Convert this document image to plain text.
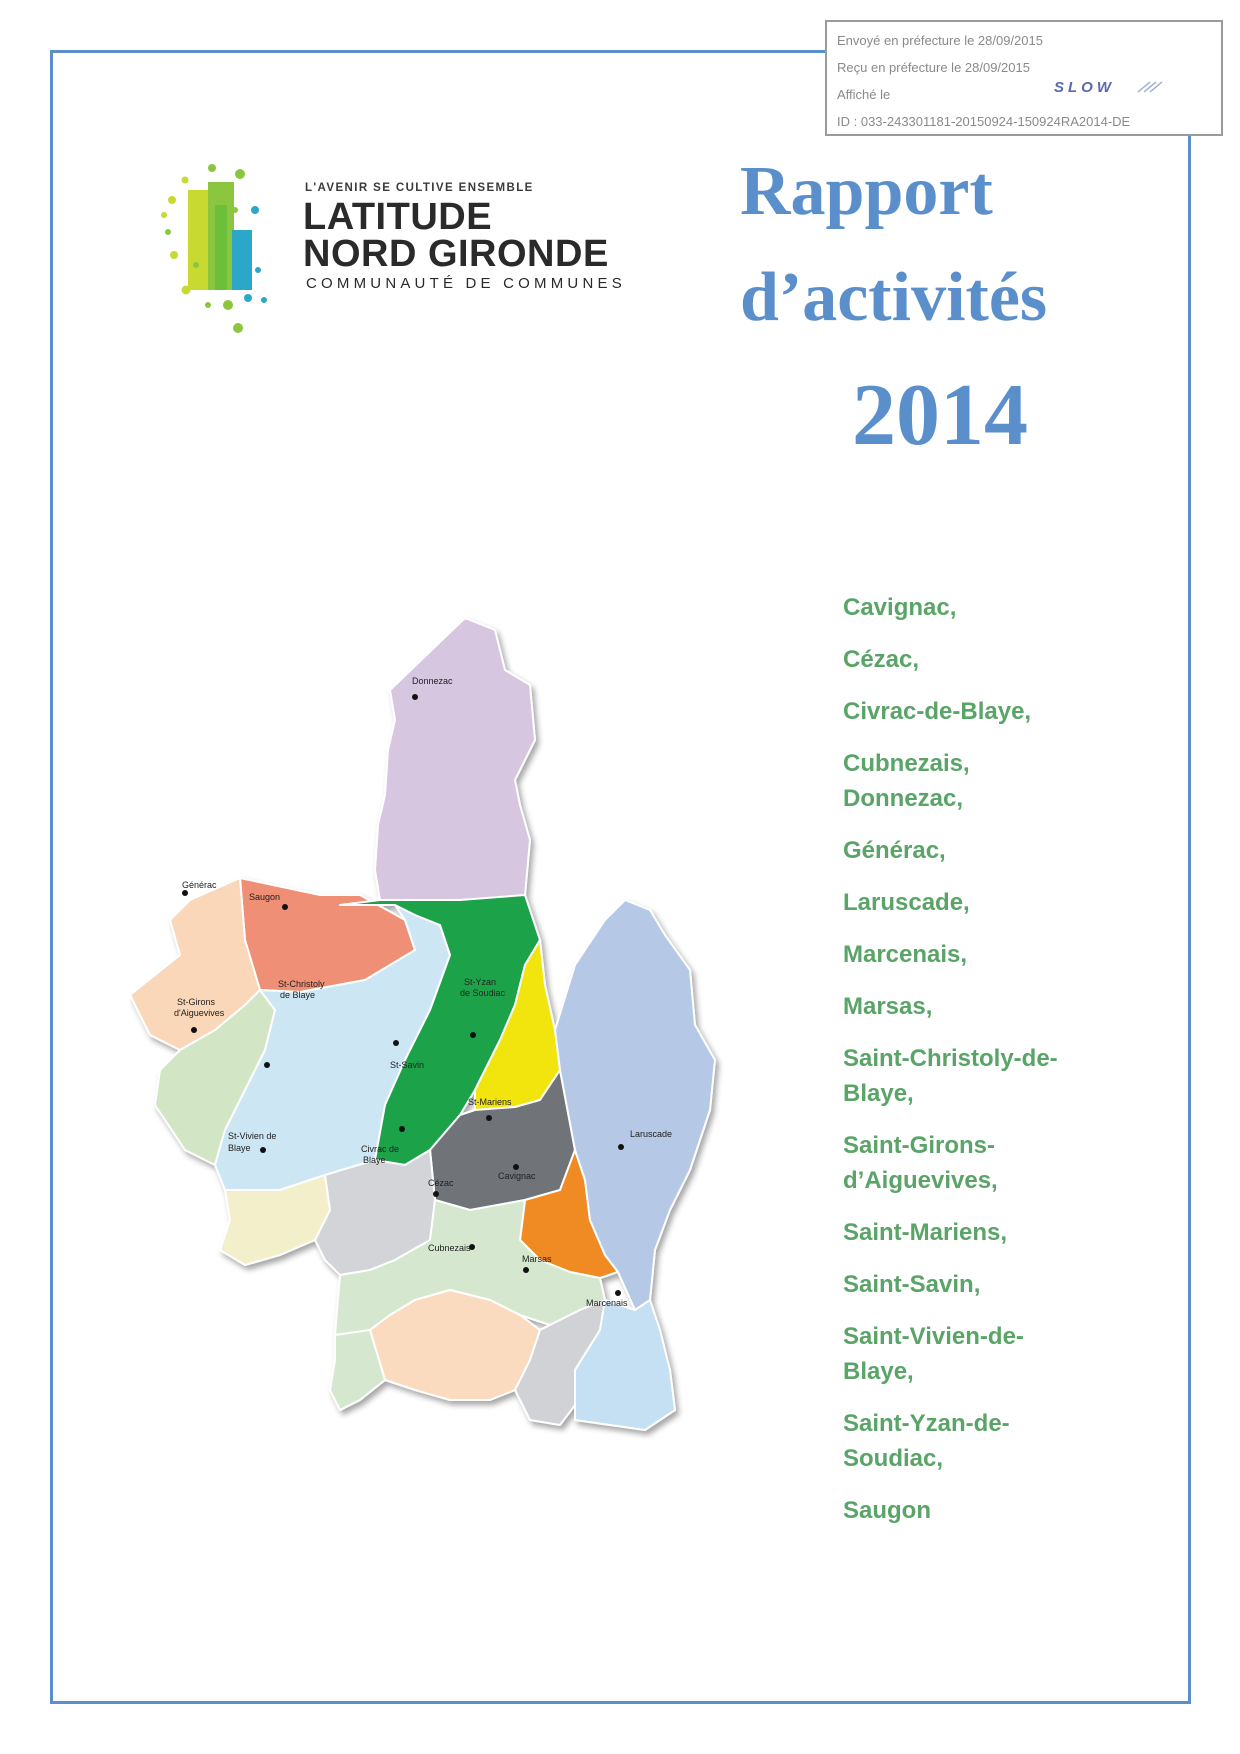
Envoyé en préfecture le 28/09/2015
Reçu en préfecture le 28/09/2015
Affiché le
ID : 033-243301181-20150924-150924RA2014-DE
SLOW
L'AVENIR SE CULTIVE ENSEMBLE
LATITUDE
NORD GIRONDE
COMMUNAUTÉ DE COMMUNES
Rapport
d’activités
2014
Donnezac
Générac
Saugon
St-Christoly
de Blaye
St-Girons
d'Aiguevives
St-Yzan
de Soudiac
St-Savin
St-Mariens
St-Vivien de
Blaye	Civrac de
Blaye
Cézac
Cavignac
Laruscade
Cubnezais
Marsas
Marcenais
Cavignac,
Cézac,
Civrac-de-Blaye,
Cubnezais, Donnezac,
Générac,
Laruscade,
Marcenais,
Marsas,
Saint-Christoly-de-Blaye,
Saint-Girons-d’Aiguevives,
Saint-Mariens,
Saint-Savin,
Saint-Vivien-de-Blaye,
Saint-Yzan-de-Soudiac,
Saugon
